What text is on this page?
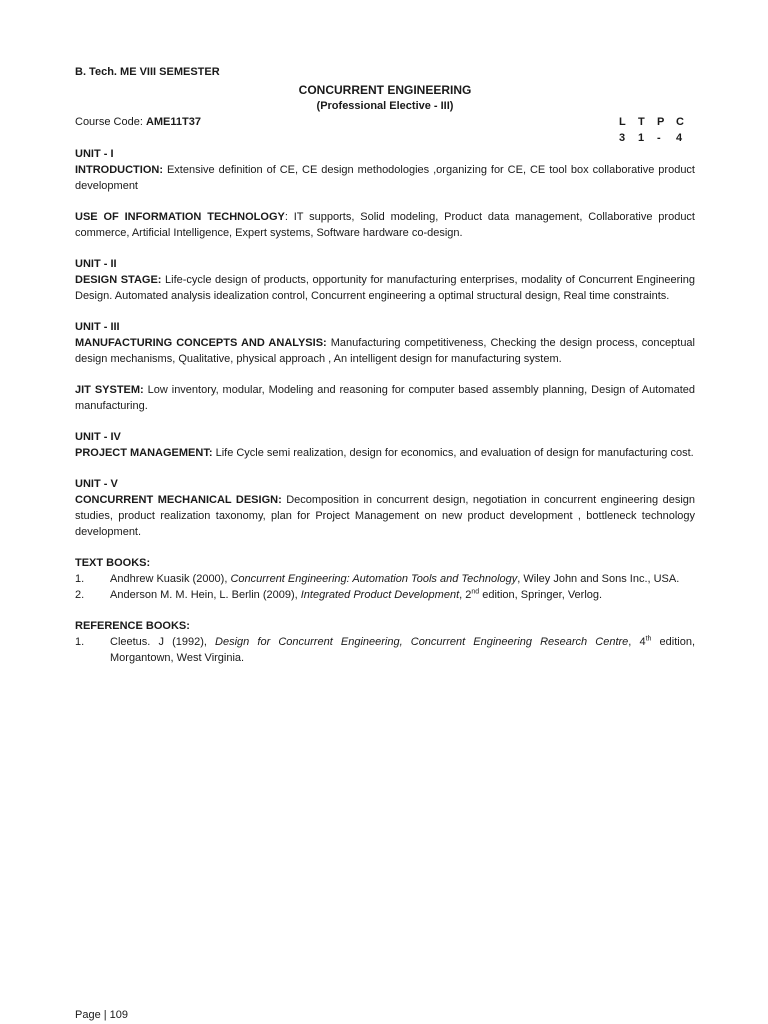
B. Tech. ME VIII SEMESTER
CONCURRENT ENGINEERING
(Professional Elective - III)
Course Code: AME11T37	L	T	P	C
3	1	-	4
UNIT - I
INTRODUCTION: Extensive definition of CE, CE design methodologies ,organizing for CE, CE tool box collaborative product development
USE OF INFORMATION TECHNOLOGY: IT supports, Solid modeling, Product data management, Collaborative product commerce, Artificial Intelligence, Expert systems, Software hardware co-design.
UNIT - II
DESIGN STAGE: Life-cycle design of products, opportunity for manufacturing enterprises, modality of Concurrent Engineering Design. Automated analysis idealization control, Concurrent engineering a optimal structural design, Real time constraints.
UNIT - III
MANUFACTURING CONCEPTS AND ANALYSIS: Manufacturing competitiveness, Checking the design process, conceptual design mechanisms, Qualitative, physical approach , An intelligent design for manufacturing system.
JIT SYSTEM: Low inventory, modular, Modeling and reasoning for computer based assembly planning, Design of Automated manufacturing.
UNIT - IV
PROJECT MANAGEMENT: Life Cycle semi realization, design for economics, and evaluation of design for manufacturing cost.
UNIT - V
CONCURRENT MECHANICAL DESIGN: Decomposition in concurrent design, negotiation in concurrent engineering design studies, product realization taxonomy, plan for Project Management on new product development , bottleneck technology development.
TEXT BOOKS:
1.	Andhrew Kuasik (2000), Concurrent Engineering: Automation Tools and Technology, Wiley John and Sons Inc., USA.
2.	Anderson M. M. Hein, L. Berlin (2009), Integrated Product Development, 2nd edition, Springer, Verlog.
REFERENCE BOOKS:
1.	Cleetus. J (1992), Design for Concurrent Engineering, Concurrent Engineering Research Centre, 4th edition, Morgantown, West Virginia.
Page | 109
